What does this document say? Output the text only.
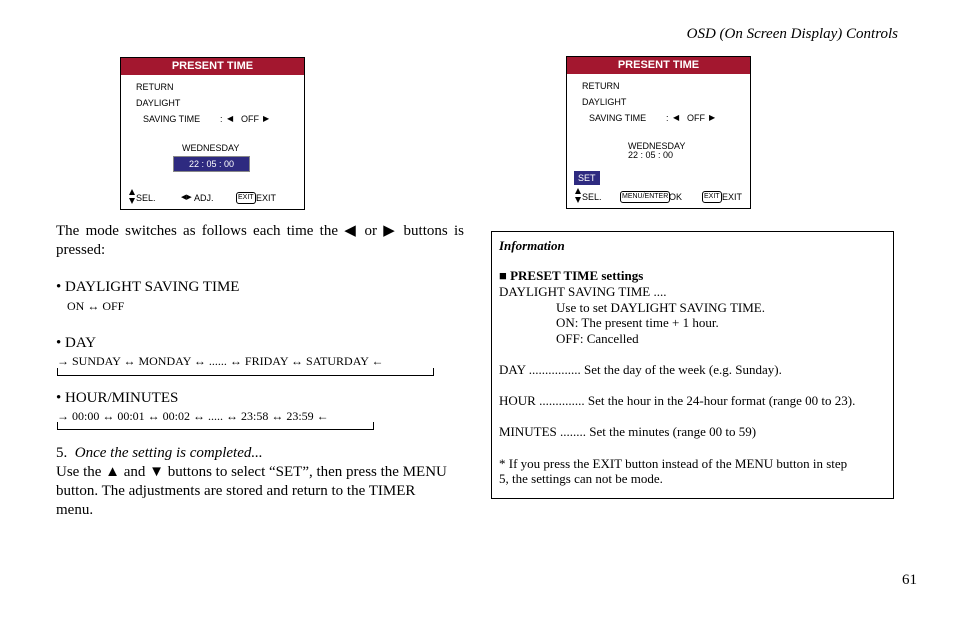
OSD (On Screen Display) Controls
PRESENT TIME
RETURN
DAYLIGHT
SAVING TIME : ◀ OFF ▶
WEDNESDAY
22 : 05 : 00
SEL.	◀▶ ADJ.	EXIT EXIT
PRESENT TIME
RETURN
DAYLIGHT
SAVING TIME : ◀ OFF ▶
WEDNESDAY
22 : 05 : 00
SET
SEL.	MENU/ENTER OK	EXIT EXIT
The mode switches as follows each time the ◀ or ▶ buttons is pressed:
• DAYLIGHT SAVING TIME
ON ↔ OFF
• DAY
→ SUNDAY ↔ MONDAY ↔ ...... ↔ FRIDAY ↔ SATURDAY ←
• HOUR/MINUTES
→ 00:00 ↔ 00:01 ↔ 00:02 ↔ ..... ↔ 23:58 ↔ 23:59 ←
5. Once the setting is completed...
Use the ▲ and ▼ buttons to select “SET”, then press the MENU
button. The adjustments are stored and return to the TIMER
menu.
Information
■ PRESET TIME settings
DAYLIGHT SAVING TIME ....
Use to set DAYLIGHT SAVING TIME.
ON: The present time + 1 hour.
OFF: Cancelled
DAY ................ Set the day of the week (e.g. Sunday).
HOUR .............. Set the hour in the 24-hour format (range 00 to 23).
MINUTES ........ Set the minutes (range 00 to 59)
* If you press the EXIT button instead of the MENU button in step
5, the settings can not be mode.
61
